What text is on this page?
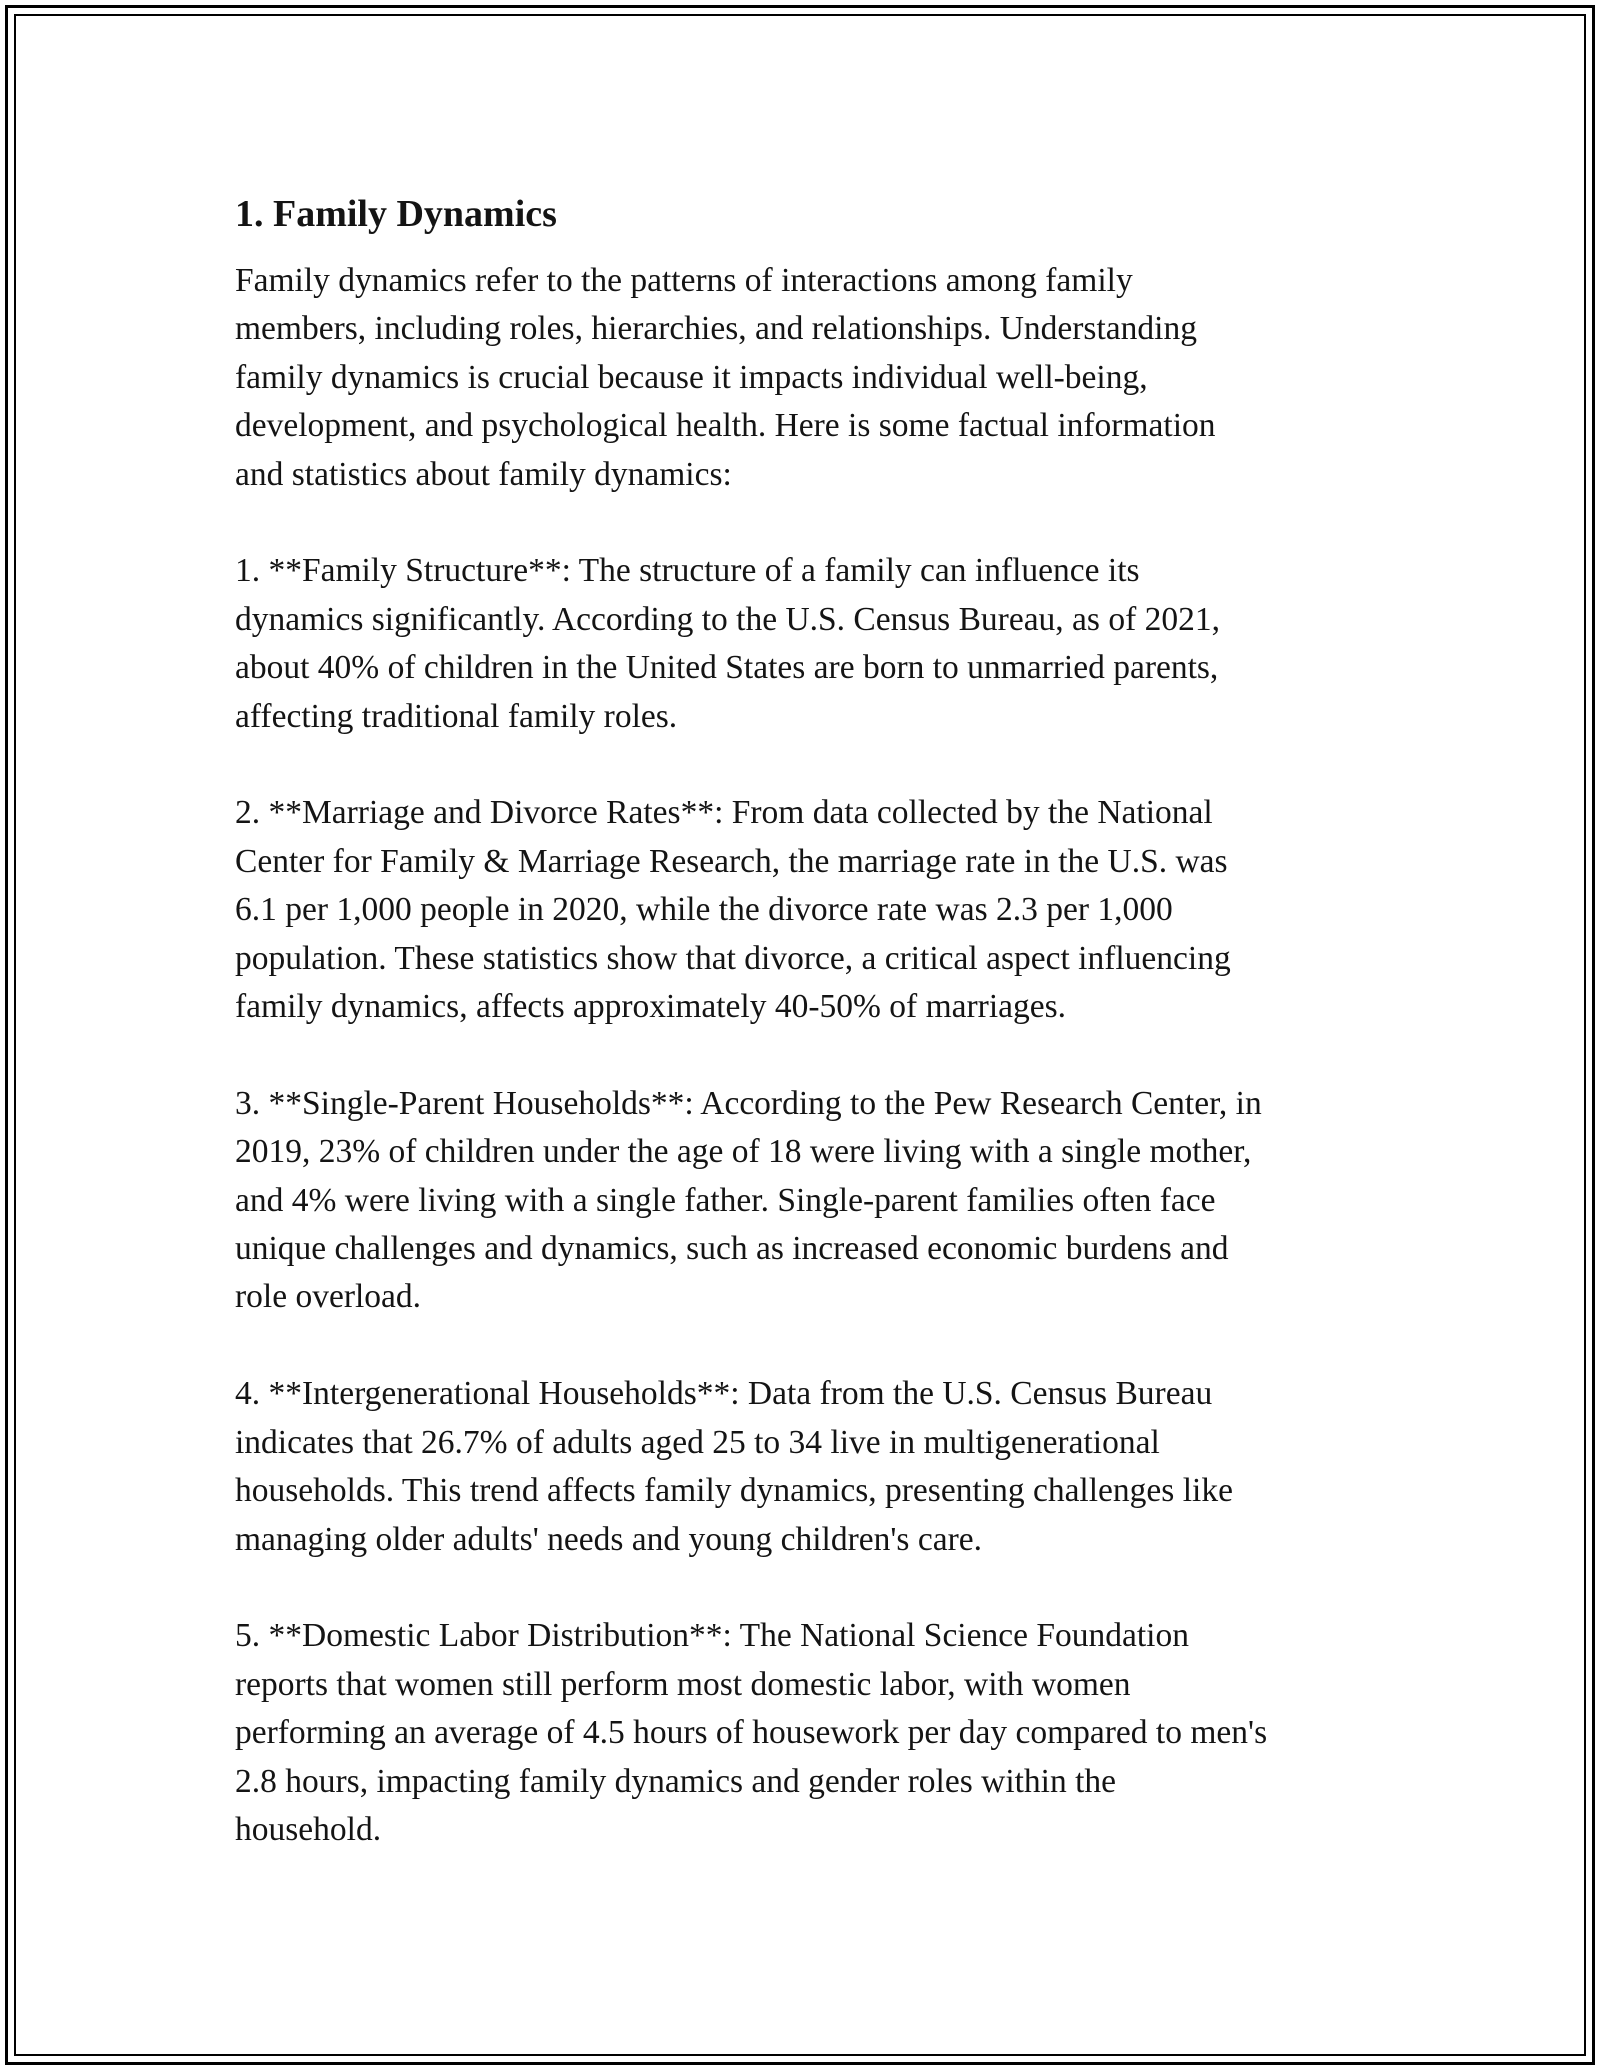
1. Family Dynamics

Family dynamics refer to the patterns of interactions among family
members, including roles, hierarchies, and relationships. Understanding
family dynamics is crucial because it impacts individual well-being,
development, and psychological health. Here is some factual information
and statistics about family dynamics:

1. **Family Structure**: The structure of a family can influence its
dynamics significantly. According to the U.S. Census Bureau, as of 2021,
about 40% of children in the United States are born to unmarried parents,
affecting traditional family roles.

2. **Marriage and Divorce Rates**: From data collected by the National
Center for Family & Marriage Research, the marriage rate in the U.S. was
6.1 per 1,000 people in 2020, while the divorce rate was 2.3 per 1,000
population. These statistics show that divorce, a critical aspect influencing
family dynamics, affects approximately 40-50% of marriages.

3. **Single-Parent Households**: According to the Pew Research Center, in
2019, 23% of children under the age of 18 were living with a single mother,
and 4% were living with a single father. Single-parent families often face
unique challenges and dynamics, such as increased economic burdens and
role overload.

4. **Intergenerational Households**: Data from the U.S. Census Bureau
indicates that 26.7% of adults aged 25 to 34 live in multigenerational
households. This trend affects family dynamics, presenting challenges like
managing older adults' needs and young children's care.

5. **Domestic Labor Distribution**: The National Science Foundation
reports that women still perform most domestic labor, with women
performing an average of 4.5 hours of housework per day compared to men's
2.8 hours, impacting family dynamics and gender roles within the
household.
